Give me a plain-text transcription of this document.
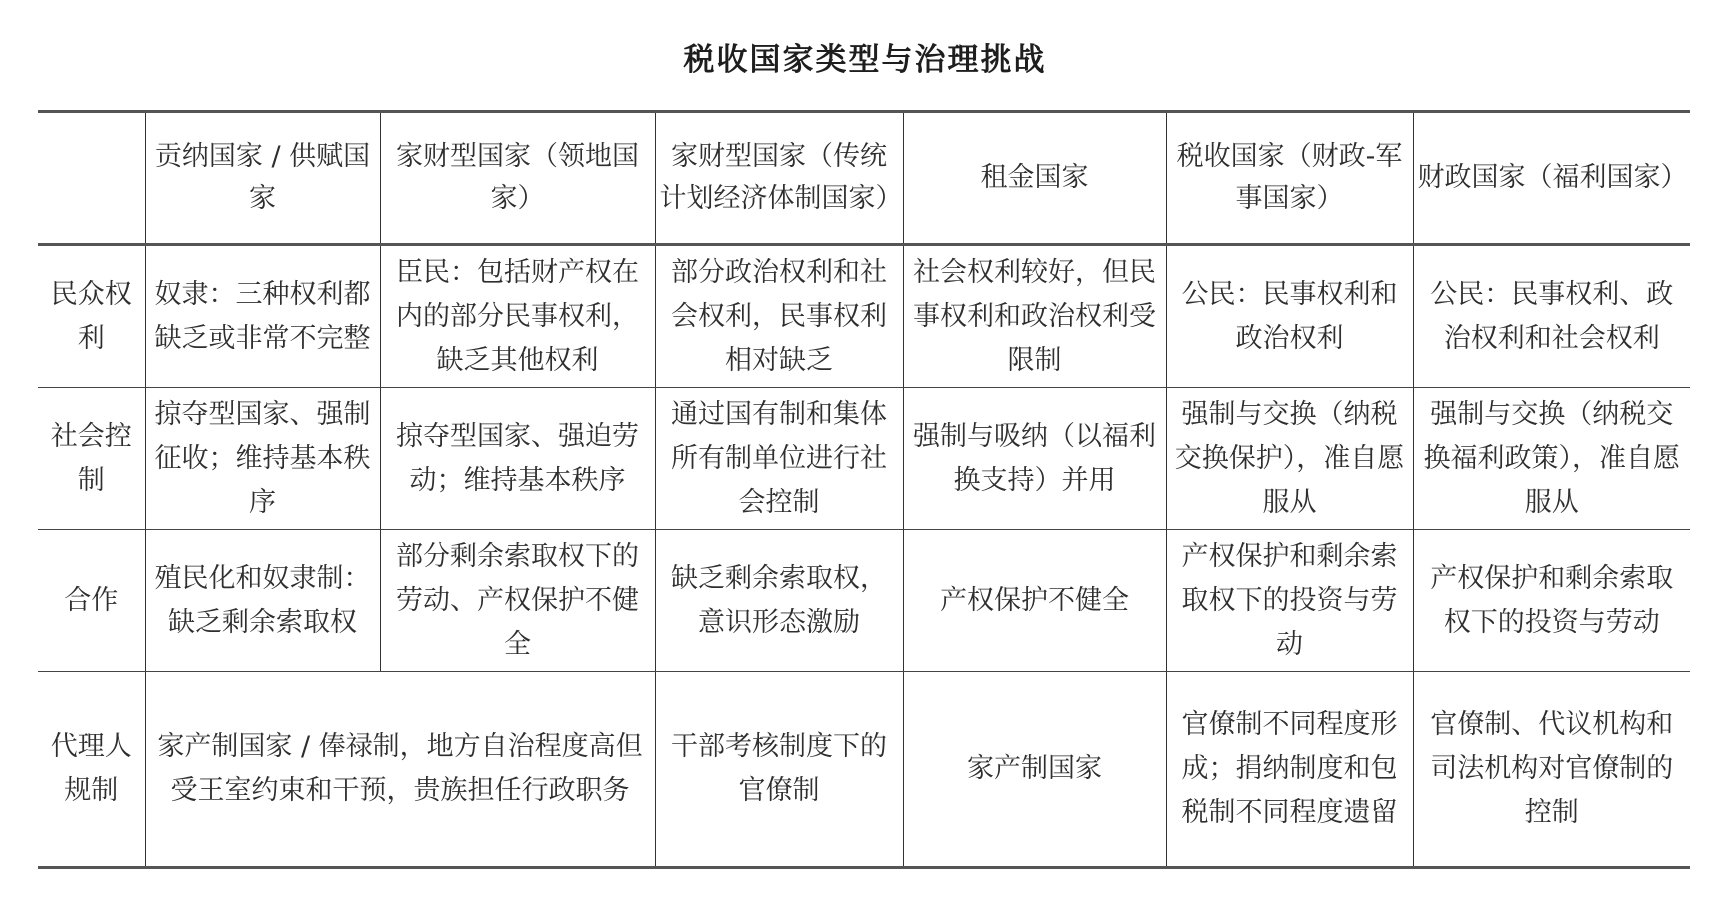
税收国家类型与治理挑战
	贡纳国家 / 供赋国家	家财型国家（领地国家）	家财型国家（传统计划经济体制国家）	租金国家	税收国家（财政-军事国家）	财政国家（福利国家）
民众权利	奴隶：三种权利都缺乏或非常不完整	臣民：包括财产权在内的部分民事权利，缺乏其他权利	部分政治权利和社会权利，民事权利相对缺乏	社会权利较好，但民事权利和政治权利受限制	公民：民事权利和政治权利	公民：民事权利、政治权利和社会权利
社会控制	掠夺型国家、强制征收；维持基本秩序	掠夺型国家、强迫劳动；维持基本秩序	通过国有制和集体所有制单位进行社会控制	强制与吸纳（以福利换支持）并用	强制与交换（纳税交换保护），准自愿服从	强制与交换（纳税交换福利政策），准自愿服从
合作	殖民化和奴隶制：缺乏剩余索取权	部分剩余索取权下的劳动、产权保护不健全	缺乏剩余索取权，意识形态激励	产权保护不健全	产权保护和剩余索取权下的投资与劳动	产权保护和剩余索取权下的投资与劳动
代理人规制	家产制国家 / 俸禄制，地方自治程度高但受王室约束和干预，贵族担任行政职务		干部考核制度下的官僚制	家产制国家	官僚制不同程度形成；捐纳制度和包税制不同程度遗留	官僚制、代议机构和司法机构对官僚制的控制
